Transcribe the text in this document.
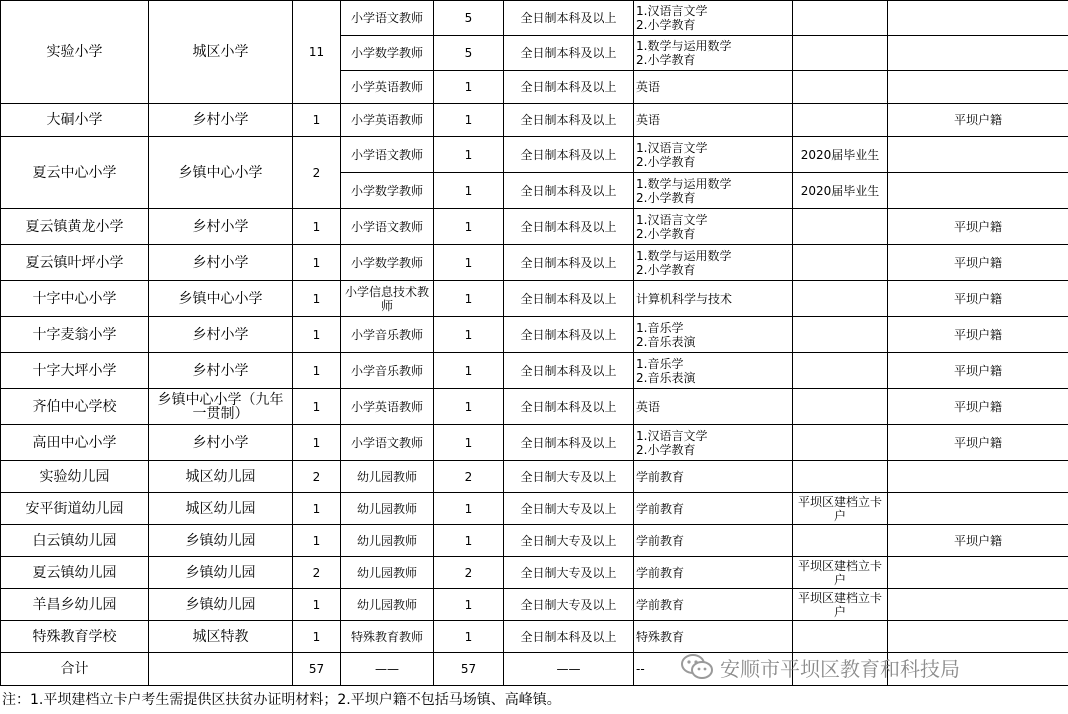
实验小学	城区小学	11	小学语文教师	5	全日制本科及以上	1.汉语言文学
2.小学教育		

			小学数学教师	5	全日制本科及以上	1.数学与运用数学
2.小学教育		

			小学英语教师	1	全日制本科及以上	英语		

大硐小学	乡村小学	1	小学英语教师	1	全日制本科及以上	英语		平坝户籍
夏云中心小学	乡镇中心小学	2	小学语文教师	1	全日制本科及以上	1.汉语言文学
2.小学教育	2020届毕业生	
			小学数学教师	1	全日制本科及以上	1.数学与运用数学
2.小学教育	2020届毕业生	
夏云镇黄龙小学	乡村小学	1	小学语文教师	1	全日制本科及以上	1.汉语言文学
2.小学教育		平坝户籍
夏云镇叶坪小学	乡村小学	1	小学数学教师	1	全日制本科及以上	1.数学与运用数学
2.小学教育		平坝户籍
十字中心小学	乡镇中心小学	1	小学信息技术教师	1	全日制本科及以上	计算机科学与技术		平坝户籍
十字麦翁小学	乡村小学	1	小学音乐教师	1	全日制本科及以上	1.音乐学
2.音乐表演		平坝户籍
十字大坪小学	乡村小学	1	小学音乐教师	1	全日制本科及以上	1.音乐学
2.音乐表演		平坝户籍
齐伯中心学校	乡镇中心小学（九年一贯制）	1	小学英语教师	1	全日制本科及以上	英语		平坝户籍
高田中心小学	乡村小学	1	小学语文教师	1	全日制本科及以上	1.汉语言文学
2.小学教育		平坝户籍
实验幼儿园	城区幼儿园	2	幼儿园教师	2	全日制大专及以上	学前教育		

安平街道幼儿园	城区幼儿园	1	幼儿园教师	1	全日制大专及以上	学前教育	平坝区建档立卡户	
白云镇幼儿园	乡镇幼儿园	1	幼儿园教师	1	全日制大专及以上	学前教育		平坝户籍
夏云镇幼儿园	乡镇幼儿园	2	幼儿园教师	2	全日制大专及以上	学前教育	平坝区建档立卡户	
羊昌乡幼儿园	乡镇幼儿园	1	幼儿园教师	1	全日制大专及以上	学前教育	平坝区建档立卡户	
特殊教育学校	城区特教	1	特殊教育教师	1	全日制本科及以上	特殊教育		

合计		57	——	57	——	--			安顺市平坝区教育和科技局
注：1.平坝建档立卡户考生需提供区扶贫办证明材料；2.平坝户籍不包括马场镇、高峰镇。
